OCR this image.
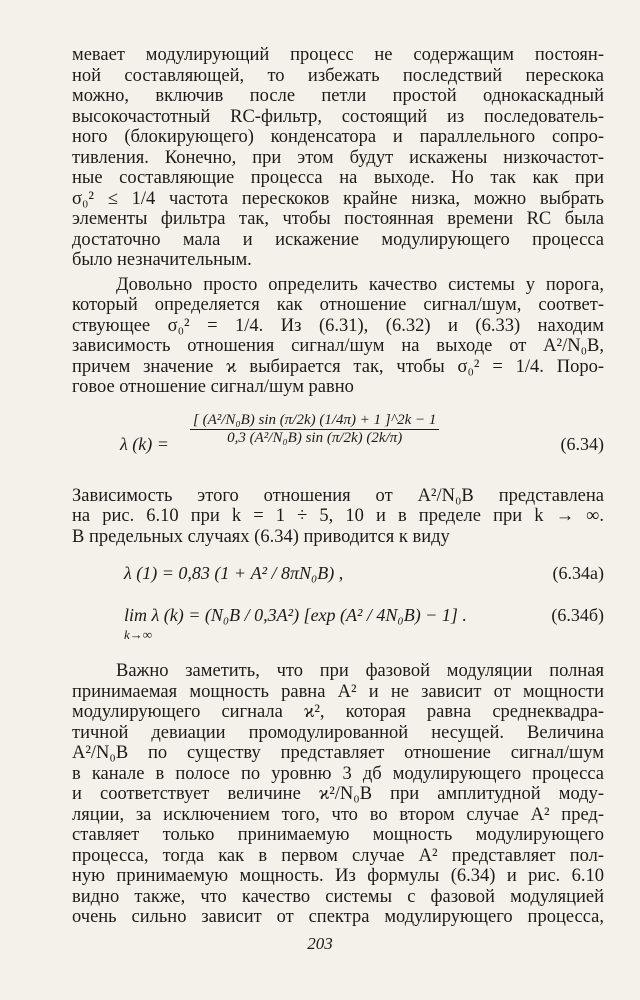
мевает модулирующий процесс не содержащим постоян-
ной составляющей, то избежать последствий перескока
можно, включив после петли простой однокаскадный
высокочастотный RC-фильтр, состоящий из последователь-
ного (блокирующего) конденсатора и параллельного сопро-
тивления. Конечно, при этом будут искажены низкочастот-
ные составляющие процесса на выходе. Но так как при
σ₀² ≤ 1/4 частота перескоков крайне низка, можно выбрать
элементы фильтра так, чтобы постоянная времени RC была
достаточно мала и искажение модулирующего процесса
было незначительным.
Довольно просто определить качество системы у порога,
который определяется как отношение сигнал/шум, соответ-
ствующее σ₀² = 1/4. Из (6.31), (6.32) и (6.33) находим
зависимость отношения сигнал/шум на выходе от A²/N₀B,
причем значение ϰ выбирается так, чтобы σ₀² = 1/4. Поро-
говое отношение сигнал/шум равно
λ $(k) = \frac{\text{[ (A²/N₀B) sin (π/2k) (1/4π) + 1 ]\textasciicircum{}2k − 1}}{\text{0,3 (A²/N₀B) sin (π/2k) (2k/π)}}$	(6.34)
Зависимость этого отношения от A²/N₀B представлена
на рис. 6.10 при k = 1 ÷ 5, 10 и в пределе при k → ∞.
В предельных случаях (6.34) приводится к виду
λ (1) = 0,83 (1 + A² / 8πN₀B) ,	(6.34а)
lim λ (k) = (N₀B / 0,3A²) [exp (A² / 4N₀B) − 1] .
k→∞
(6.34б)
Важно заметить, что при фазовой модуляции полная
принимаемая мощность равна A² и не зависит от мощности
модулирующего сигнала ϰ², которая равна среднеквадра-
тичной девиации промодулированной несущей. Величина
A²/N₀B по существу представляет отношение сигнал/шум
в канале в полосе по уровню 3 дб модулирующего процесса
и соответствует величине ϰ²/N₀B при амплитудной моду-
ляции, за исключением того, что во втором случае A² пред-
ставляет только принимаемую мощность модулирующего
процесса, тогда как в первом случае A² представляет пол-
ную принимаемую мощность. Из формулы (6.34) и рис. 6.10
видно также, что качество системы с фазовой модуляцией
очень сильно зависит от спектра модулирующего процесса,
203
